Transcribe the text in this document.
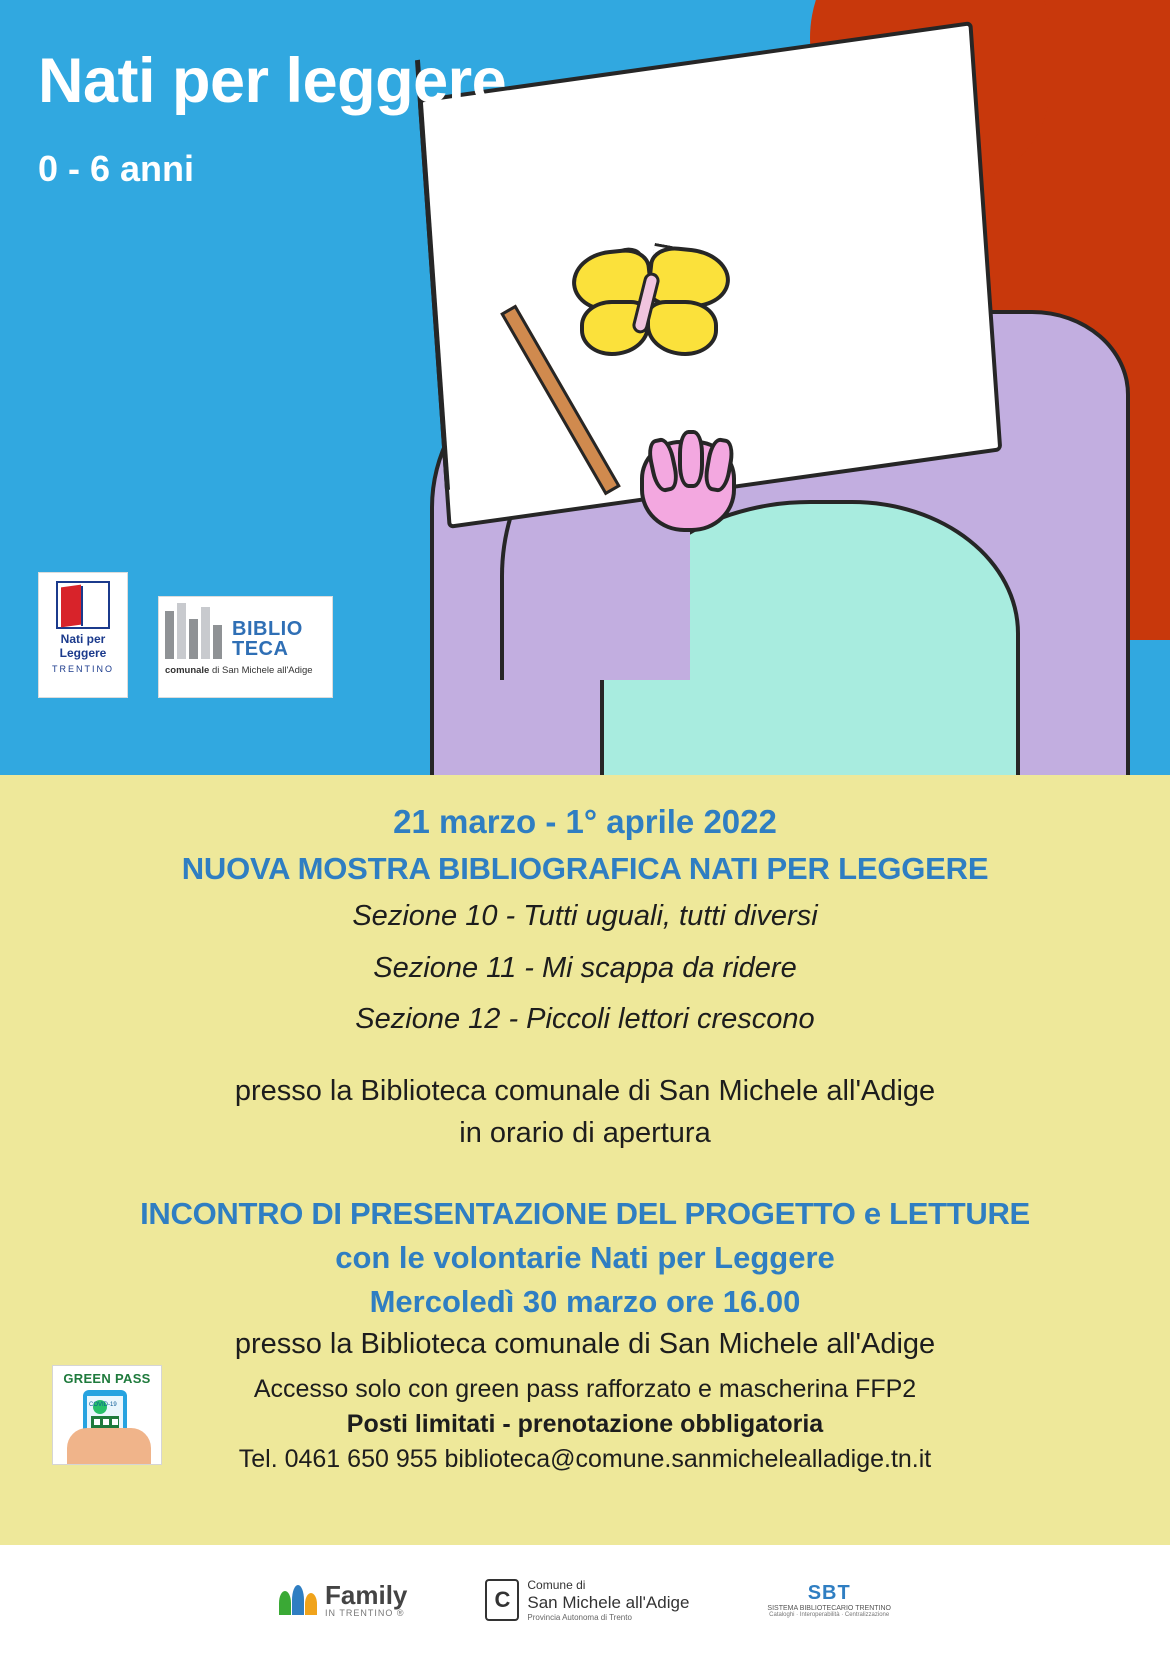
Nati per leggere
0 - 6 anni
Nati per
Leggere
TRENTINO
BIBLIO
TECA
comunale di San Michele all'Adige
21 marzo - 1° aprile 2022
NUOVA MOSTRA BIBLIOGRAFICA NATI PER LEGGERE
Sezione 10 - Tutti uguali, tutti diversi
Sezione 11 - Mi scappa da ridere
Sezione 12 - Piccoli lettori crescono
presso la Biblioteca comunale di San Michele all'Adige
in orario di apertura
INCONTRO DI PRESENTAZIONE DEL PROGETTO e LETTURE
con le volontarie Nati per Leggere
Mercoledì 30 marzo ore 16.00
presso la Biblioteca comunale di San Michele all'Adige
GREEN PASS
COVID-19
Accesso solo con green pass rafforzato e mascherina FFP2
Posti limitati - prenotazione obbligatoria
Tel. 0461 650 955 biblioteca@comune.sanmichelealladige.tn.it
Family
IN TRENTINO ®
C
Comune di
San Michele all'Adige
Provincia Autonoma di Trento
SBT
SISTEMA BIBLIOTECARIO TRENTINO
Cataloghi · Interoperabilità · Centralizzazione
